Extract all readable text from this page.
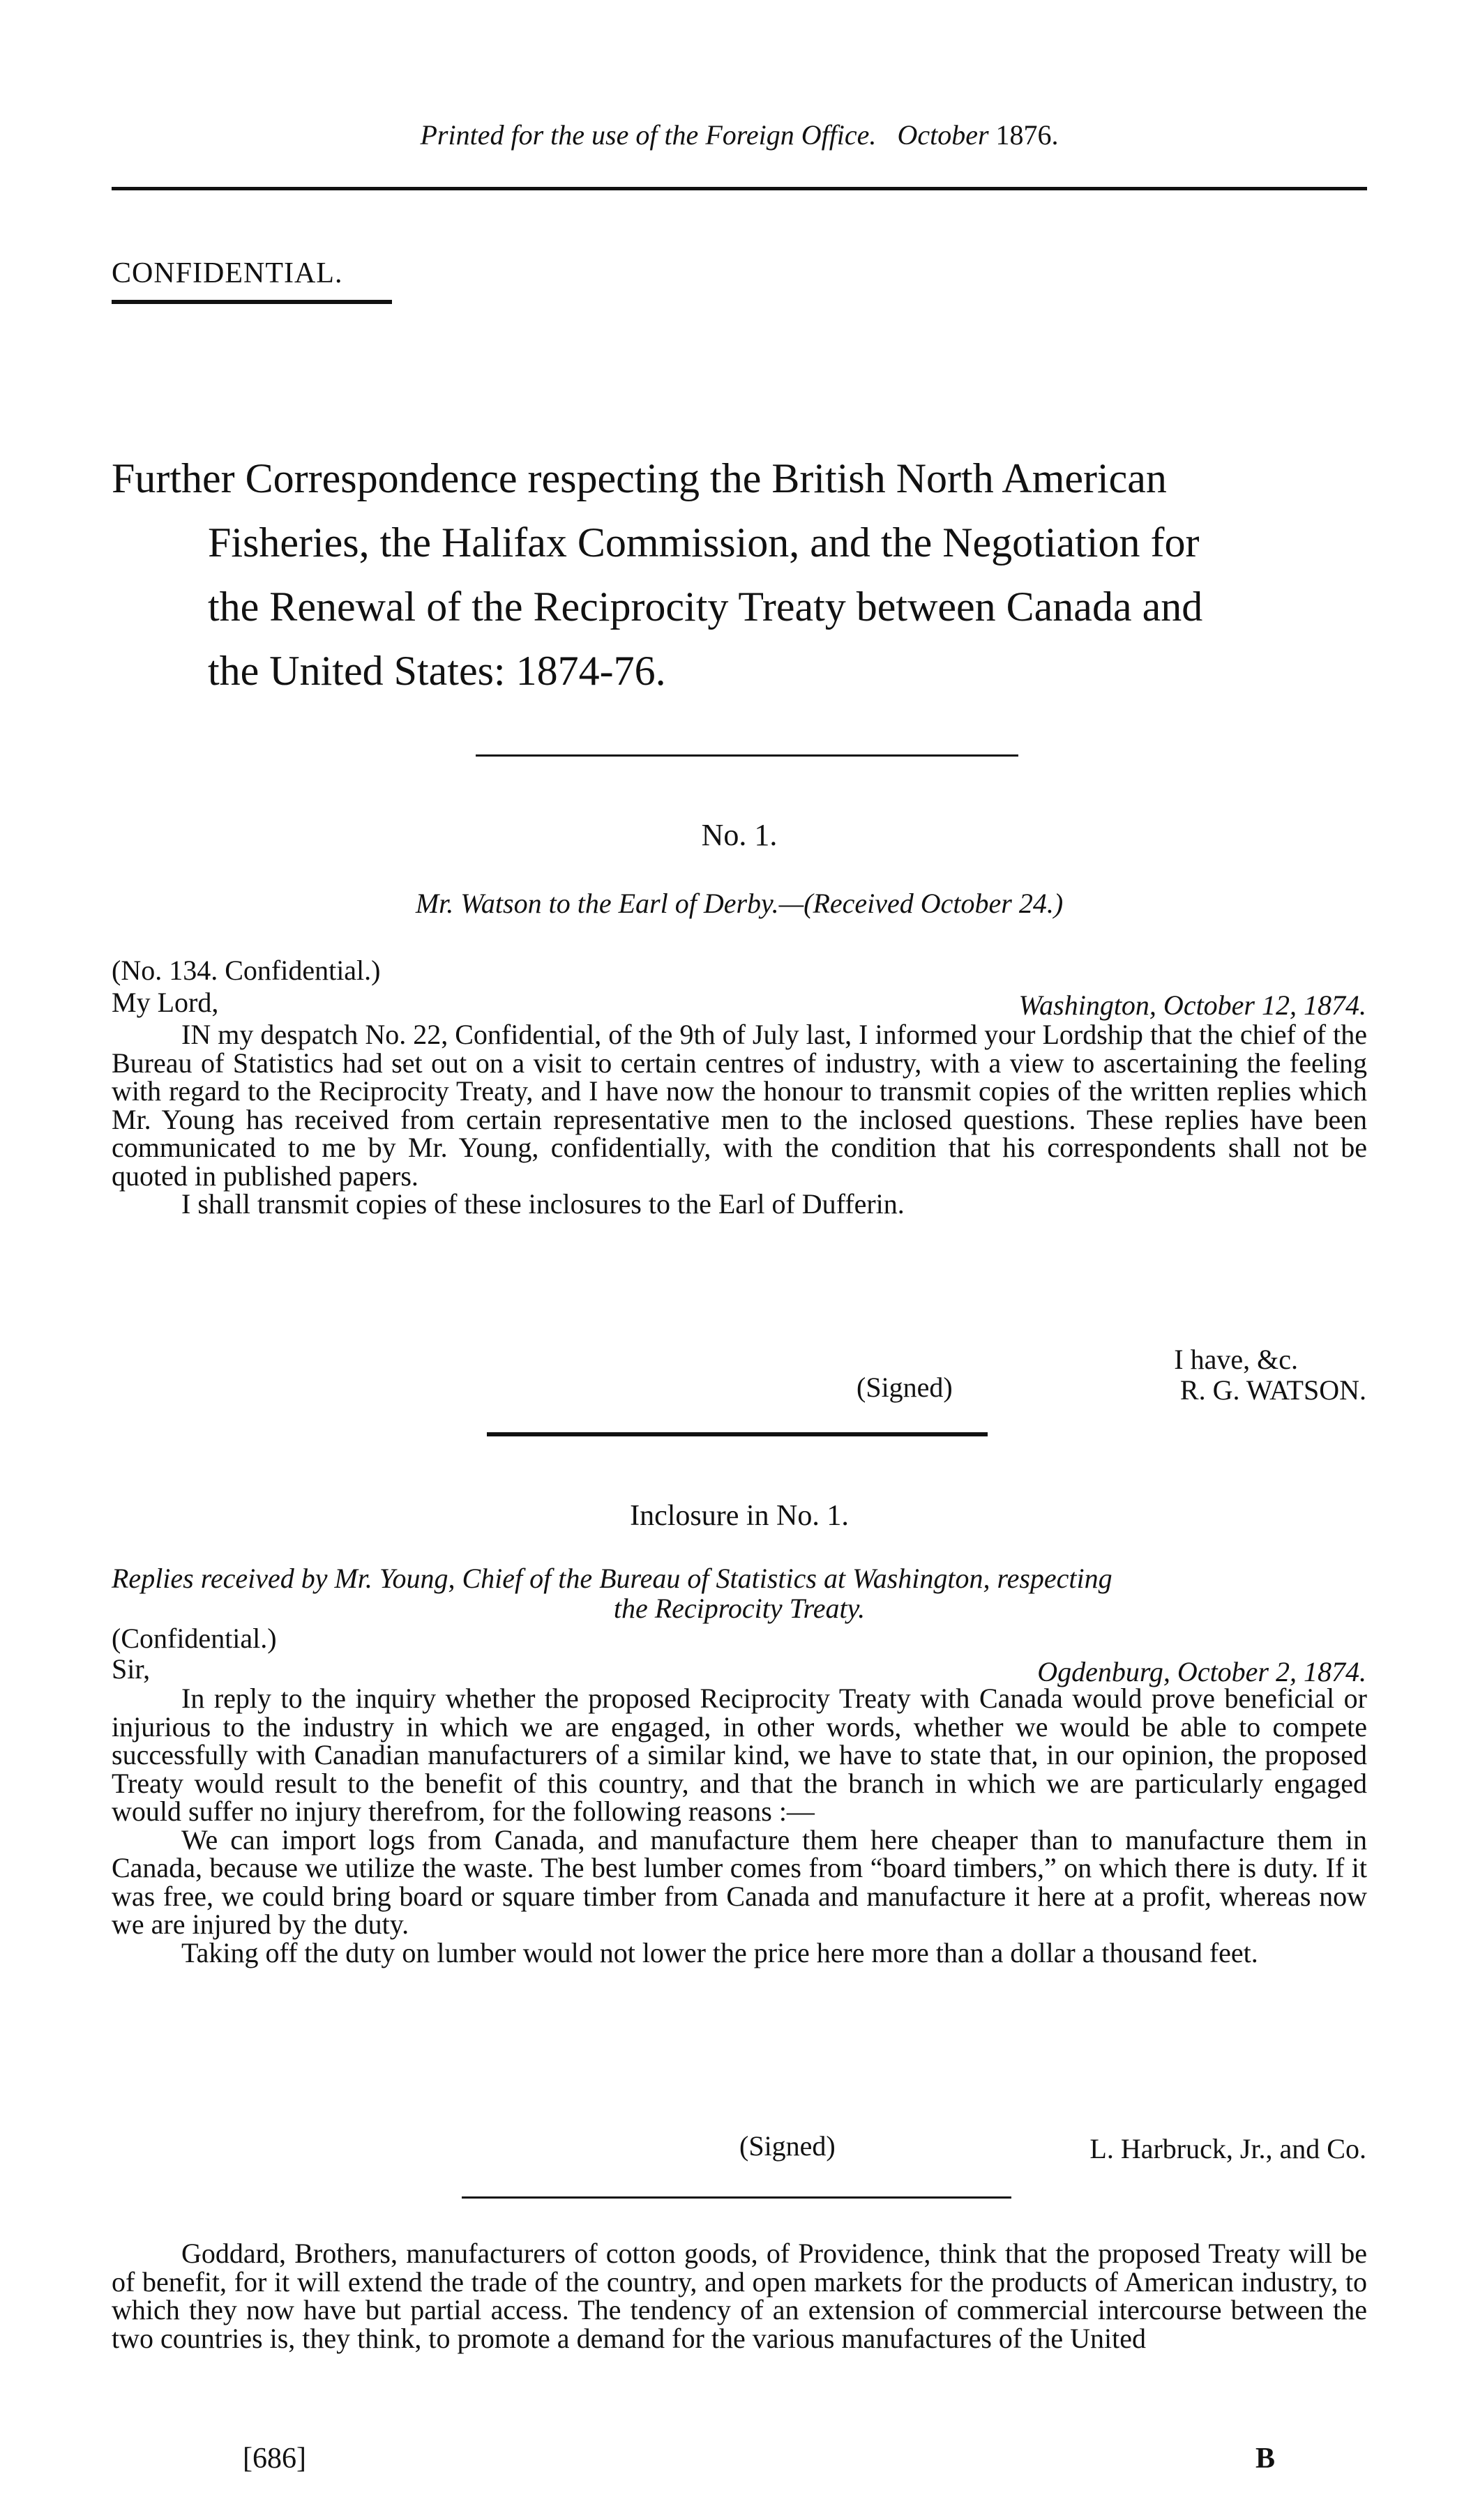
Printed for the use of the Foreign Office. October 1876.
CONFIDENTIAL.
Further Correspondence respecting the British North American
Fisheries, the Halifax Commission, and the Negotiation for
the Renewal of the Reciprocity Treaty between Canada and
the United States: 1874-76.
No. 1.
Mr. Watson to the Earl of Derby.—(Received October 24.)
(No. 134. Confidential.)
My Lord,	Washington, October 12, 1874.

IN my despatch No. 22, Confidential, of the 9th of July last, I informed your Lordship that the chief of the Bureau of Statistics had set out on a visit to certain centres of industry, with a view to ascertaining the feeling with regard to the Reciprocity Treaty, and I have now the honour to transmit copies of the written replies which Mr. Young has received from certain representative men to the inclosed questions. These replies have been communicated to me by Mr. Young, confidentially, with the condition that his correspondents shall not be quoted in published papers.

I shall transmit copies of these inclosures to the Earl of Dufferin.

I have, &c.
(Signed)	R. G. WATSON.
Inclosure in No. 1.
Replies received by Mr. Young, Chief of the Bureau of Statistics at Washington, respecting
the Reciprocity Treaty.
(Confidential.)
Sir,	Ogdenburg, October 2, 1874.

In reply to the inquiry whether the proposed Reciprocity Treaty with Canada would prove beneficial or injurious to the industry in which we are engaged, in other words, whether we would be able to compete successfully with Canadian manufacturers of a similar kind, we have to state that, in our opinion, the proposed Treaty would result to the benefit of this country, and that the branch in which we are particularly engaged would suffer no injury therefrom, for the following reasons :—

We can import logs from Canada, and manufacture them here cheaper than to manufacture them in Canada, because we utilize the waste. The best lumber comes from “board timbers,” on which there is duty. If it was free, we could bring board or square timber from Canada and manufacture it here at a profit, whereas now we are injured by the duty.

Taking off the duty on lumber would not lower the price here more than a dollar a thousand feet.

(Signed)	L. Harbruck, Jr., and Co.

Goddard, Brothers, manufacturers of cotton goods, of Providence, think that the proposed Treaty will be of benefit, for it will extend the trade of the country, and open markets for the products of American industry, to which they now have but partial access. The tendency of an extension of commercial intercourse between the two countries is, they think, to promote a demand for the various manufactures of the United

[686]	B
